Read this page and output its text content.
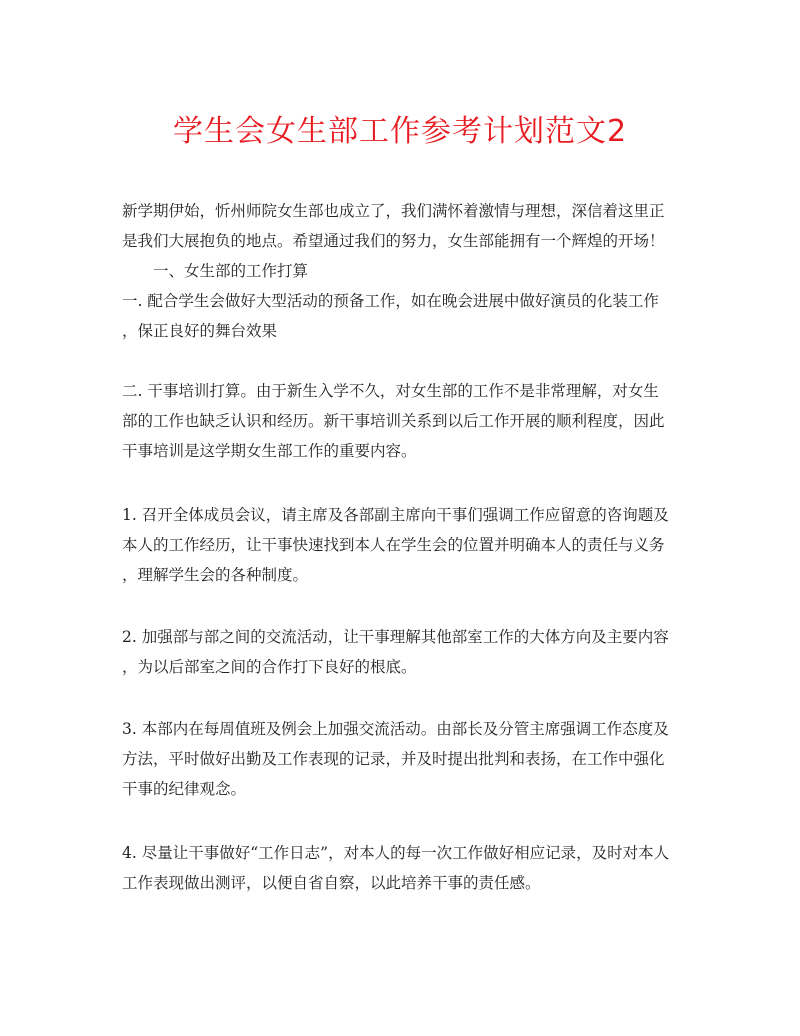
学生会女生部工作参考计划范文2

新学期伊始，忻州师院女生部也成立了，我们满怀着激情与理想，深信着这里正

是我们大展抱负的地点。希望通过我们的努力，女生部能拥有一个辉煌的开场！

一、女生部的工作打算

一. 配合学生会做好大型活动的预备工作，如在晚会进展中做好演员的化装工作

，保正良好的舞台效果

二. 干事培训打算。由于新生入学不久，对女生部的工作不是非常理解，对女生

部的工作也缺乏认识和经历。新干事培训关系到以后工作开展的顺利程度，因此

干事培训是这学期女生部工作的重要内容。

1. 召开全体成员会议，请主席及各部副主席向干事们强调工作应留意的咨询题及

本人的工作经历，让干事快速找到本人在学生会的位置并明确本人的责任与义务

，理解学生会的各种制度。

2. 加强部与部之间的交流活动，让干事理解其他部室工作的大体方向及主要内容

，为以后部室之间的合作打下良好的根底。

3. 本部内在每周值班及例会上加强交流活动。由部长及分管主席强调工作态度及

方法，平时做好出勤及工作表现的记录，并及时提出批判和表扬，在工作中强化

干事的纪律观念。

4. 尽量让干事做好“工作日志”，对本人的每一次工作做好相应记录，及时对本人

工作表现做出测评，以便自省自察，以此培养干事的责任感。
